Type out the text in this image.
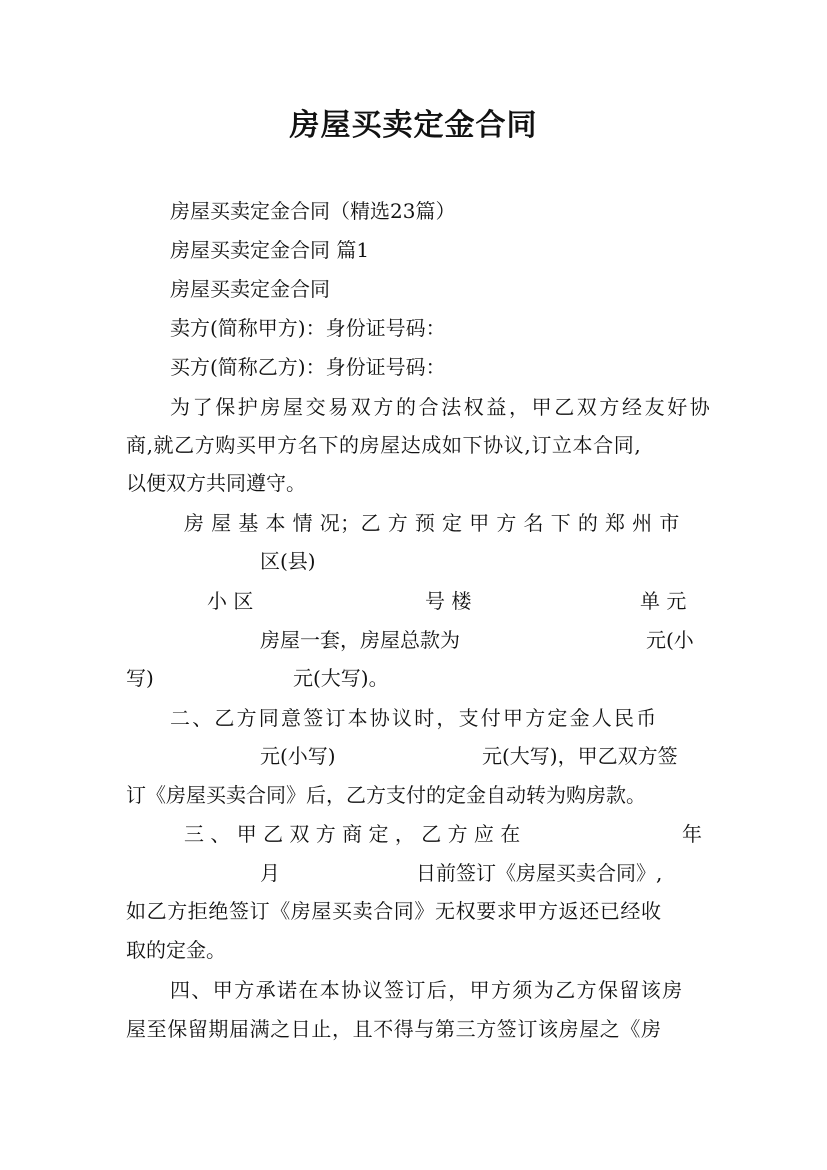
房屋买卖定金合同
房屋买卖定金合同（精选23篇）
房屋买卖定金合同 篇1
房屋买卖定金合同
卖方(简称甲方)：身份证号码：
买方(简称乙方)：身份证号码：
为了保护房屋交易双方的合法权益，甲乙双方经友好协
商,就乙方购买甲方名下的房屋达成如下协议,订立本合同,
以便双方共同遵守。
房 屋 基 本 情 况；乙 方 预 定 甲 方 名 下 的 郑 州 市
区(县)
小 区	号 楼	单 元
房屋一套，房屋总款为	元(小
写)	元(大写)。
二、乙方同意签订本协议时，支付甲方定金人民币
元(小写)	元(大写)，甲乙双方签
订《房屋买卖合同》后，乙方支付的定金自动转为购房款。
三 、 甲 乙 双 方 商 定 ， 乙 方 应 在	年
月	日前签订《房屋买卖合同》,
如乙方拒绝签订《房屋买卖合同》无权要求甲方返还已经收
取的定金。
四、甲方承诺在本协议签订后，甲方须为乙方保留该房
屋至保留期届满之日止，且不得与第三方签订该房屋之《房
